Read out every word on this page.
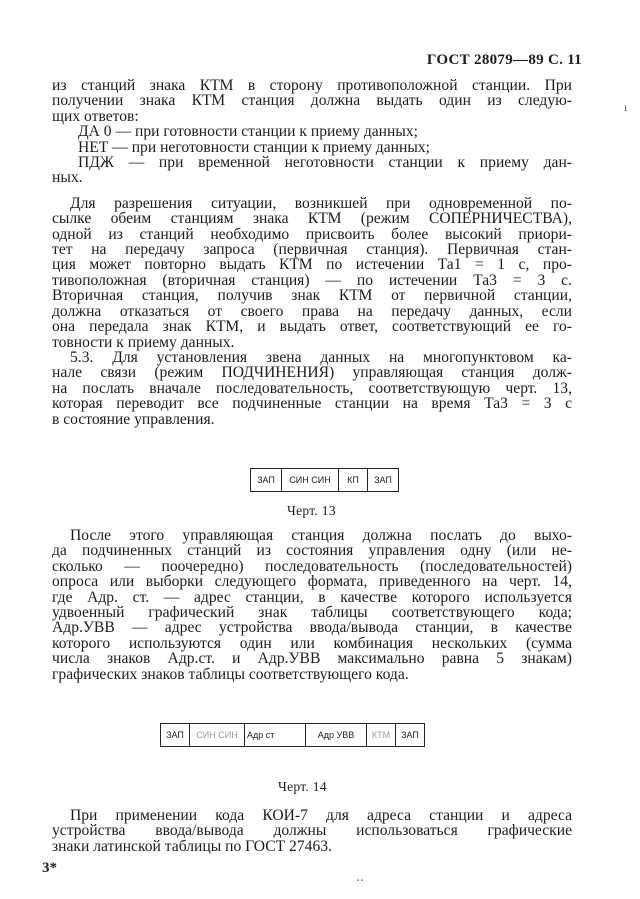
ГОСТ 28079—89 С. 11
ı
из станций знака КТМ в сторону противоположной станции. При
получении знака КТМ станция должна выдать один из следую-
щих ответов:
ДА 0 — при готовности станции к приему данных;
НЕТ — при неготовности станции к приему данных;
ПДЖ — при временной неготовности станции к приему дан-
ных.
Для разрешения ситуации, возникшей при одновременной по-
сылке обеим станциям знака КТМ (режим СОПЕРНИЧЕСТВА),
одной из станций необходимо присвоить более высокий приори-
тет на передачу запроса (первичная станция). Первичная стан-
ция может повторно выдать КТМ по истечении Та1 = 1 с, про-
тивоположная (вторичная станция) — по истечении Та3 = 3 с.
Вторичная станция, получив знак КТМ от первичной станции,
должна отказаться от своего права на передачу данных, если
она передала знак КТМ, и выдать ответ, соответствующий ее го-
товности к приему данных.
5.3. Для установления звена данных на многопунктовом ка-
нале связи (режим ПОДЧИНЕНИЯ) управляющая станция долж-
на послать вначале последовательность, соответствующую черт. 13,
которая переводит все подчиненные станции на время Та3 = 3 с
в состояние управления.
ЗАП	СИН СИН	КП	ЗАП
Черт. 13
После этого управляющая станция должна послать до выхо-
да подчиненных станций из состояния управления одну (или не-
сколько — поочередно) последовательность (последовательностей)
опроса или выборки следующего формата, приведенного на черт. 14,
где Адр. ст. — адрес станции, в качестве которого используется
удвоенный графический знак таблицы соответствующего кода;
Адр.УВВ — адрес устройства ввода/вывода станции, в качестве
которого используются один или комбинация нескольких (сумма
числа знаков Адр.ст. и Адр.УВВ максимально равна 5 знакам)
графических знаков таблицы соответствующего кода.
ЗАП	СИН СИН	Адр ст	Адр УВВ	КТМ	ЗАП
Черт. 14
При применении кода КОИ-7 для адреса станции и адреса
устройства ввода/вывода должны использоваться графические
знаки латинской таблицы по ГОСТ 27463.
3*
‥
